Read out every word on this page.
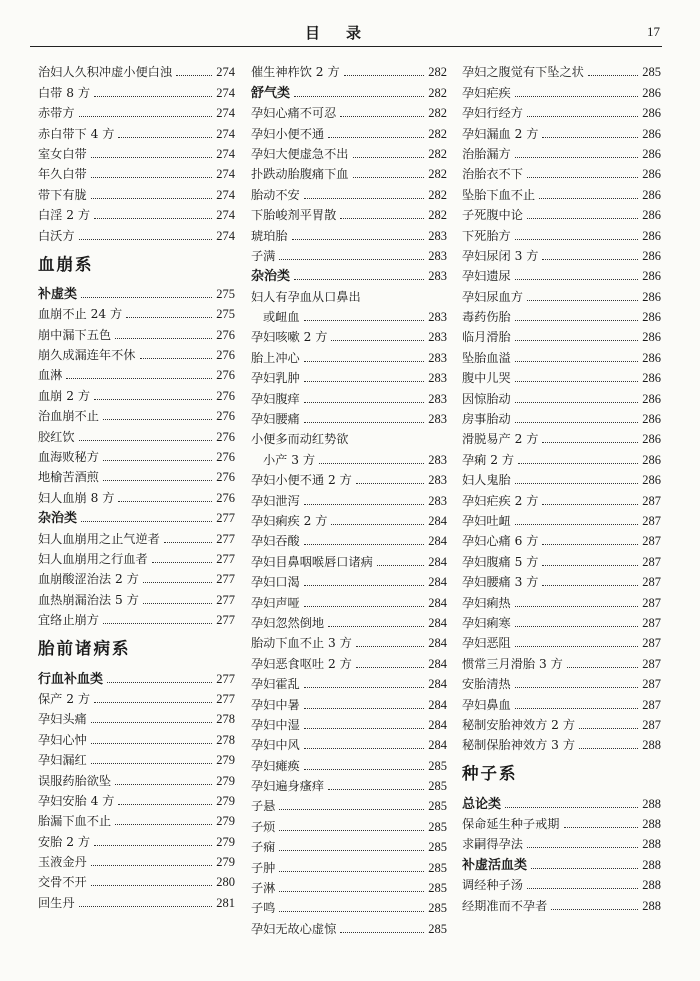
目录	17
治妇人久积冲虚小便白浊	274
白带 8 方	274
赤带方	274
赤白带下 4 方	274
室女白带	274
年久白带	274
带下有胧	274
白淫 2 方	274
白沃方	274
血崩系
补虚类	275
血崩不止 24 方	275
崩中漏下五色	276
崩久成漏连年不休	276
血淋	276
血崩 2 方	276
治血崩不止	276
胶红饮	276
血海败秘方	276
地榆苦酒煎	276
妇人血崩 8 方	276
杂治类	277
妇人血崩用之止气逆者	277
妇人血崩用之行血者	277
血崩酸涩治法 2 方	277
血热崩漏治法 5 方	277
宜络止崩方	277
胎前诸病系
行血补血类	277
保产 2 方	277
孕妇头痛	278
孕妇心忡	278
孕妇漏红	279
误服药胎欲坠	279
孕妇安胎 4 方	279
胎漏下血不止	279
安胎 2 方	279
玉液金丹	279
交骨不开	280
回生丹	281
催生神柞饮 2 方	282
舒气类	282
孕妇心痛不可忍	282
孕妇小便不通	282
孕妇大便虚急不出	282
扑跌动胎腹痛下血	282
胎动不安	282
下胎峻剂平胃散	282
琥珀胎	283
子满	283
杂治类	283
妇人有孕血从口鼻出
或衄血	283
孕妇咳嗽 2 方	283
胎上冲心	283
孕妇乳肿	283
孕妇腹痒	283
孕妇腰痛	283
小便多而动红势欲
小产 3 方	283
孕妇小便不通 2 方	283
孕妇泄泻	283
孕妇痢疾 2 方	284
孕妇吞酸	284
孕妇目鼻咽喉唇口诸病	284
孕妇口渴	284
孕妇声哑	284
孕妇忽然倒地	284
胎动下血不止 3 方	284
孕妇恶食呕吐 2 方	284
孕妇霍乱	284
孕妇中暑	284
孕妇中湿	284
孕妇中风	284
孕妇瘫痪	285
孕妇遍身瘙痒	285
子悬	285
子烦	285
子痫	285
子肿	285
子淋	285
子鸣	285
孕妇无故心虚惊	285
孕妇之腹觉有下坠之状	285
孕妇疟疾	286
孕妇行经方	286
孕妇漏血 2 方	286
治胎漏方	286
治胎衣不下	286
坠胎下血不止	286
子死腹中论	286
下死胎方	286
孕妇尿闭 3 方	286
孕妇遗尿	286
孕妇尿血方	286
毒药伤胎	286
临月滑胎	286
坠胎血溢	286
腹中儿哭	286
因惊胎动	286
房事胎动	286
滑脱易产 2 方	286
孕痢 2 方	286
妇人鬼胎	286
孕妇疟疾 2 方	287
孕妇吐衄	287
孕妇心痛 6 方	287
孕妇腹痛 5 方	287
孕妇腰痛 3 方	287
孕妇痢热	287
孕妇痢寒	287
孕妇恶阻	287
惯常三月滑胎 3 方	287
安胎清热	287
孕妇鼻血	287
秘制安胎神效方 2 方	287
秘制保胎神效方 3 方	288
种子系
总论类	288
保命延生种子戒期	288
求嗣得孕法	288
补虚活血类	288
调经种子汤	288
经期准而不孕者	288
